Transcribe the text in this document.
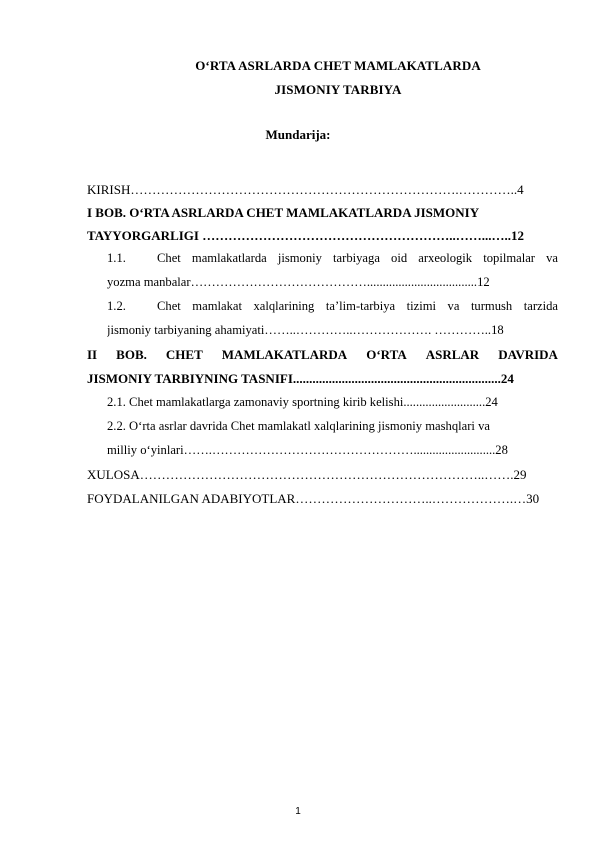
O‘RTA ASRLARDA CHET MAMLAKATLARDA
JISMONIY TARBIYA
Mundarija:
KIRISH………………………………………………………………….…………..4
I BOB. O‘RTA ASRLARDA CHET MAMLAKATLARDA JISMONIY
TAYYORGARLIGI …………………………………………………..……...…..12
1.1.	Chet mamlakatlarda jismoniy tarbiyaga oid arxeologik topilmalar va
yozma manbalar……………………………………...................................12
1.2.	Chet mamlakat xalqlarining ta’lim-tarbiya tizimi va turmush tarzida
jismoniy tarbiyaning ahamiyati……..…………..………………. …………..18
II BOB. CHET MAMLAKATLARDA O‘RTA ASRLAR DAVRIDA
JISMONIY TARBIYNING TASNIFI................................................................24
2.1. Chet mamlakatlarga zamonaviy sportning kirib kelishi..........................24
2.2. O‘rta asrlar davrida Chet mamlakatl xalqlarining jismoniy mashqlari va
milliy o‘yinlari…….…………………………………………..........................28
XULOSA……………………………………………………………………..…….29
FOYDALANILGAN ADABIYOTLAR…………………………..……………….…30
1
